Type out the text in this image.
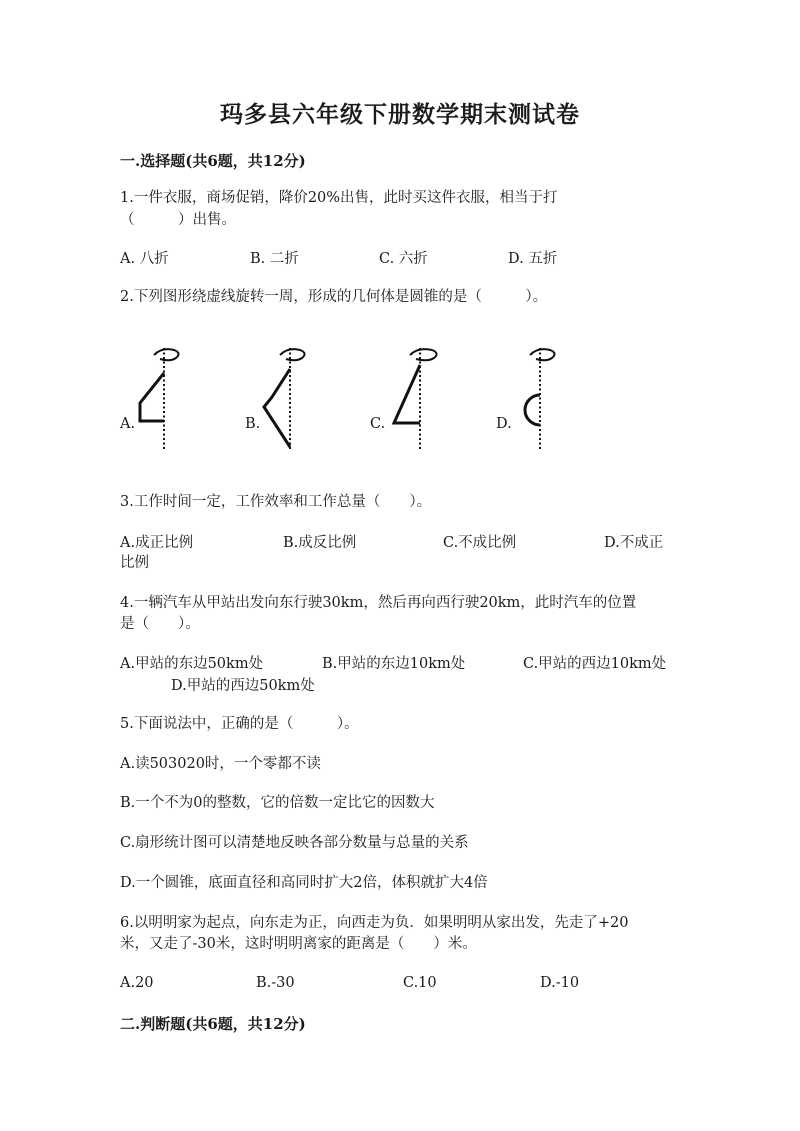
玛多县六年级下册数学期末测试卷
一.选择题(共6题，共12分)
1.一件衣服，商场促销，降价20%出售，此时买这件衣服，相当于打
（　　　）出售。
A. 八折	B. 二折	C. 六折	D. 五折
2.下列图形绕虚线旋转一周，形成的几何体是圆锥的是（　　　）。
A.	B.	C.	D.
3.工作时间一定，工作效率和工作总量（　　）。
A.成正比例	B.成反比例	C.不成比例	D.不成正
比例
4.一辆汽车从甲站出发向东行驶30km，然后再向西行驶20km，此时汽车的位置
是（　　）。
A.甲站的东边50km处	B.甲站的东边10km处	C.甲站的西边10km处
D.甲站的西边50km处
5.下面说法中，正确的是（　　　）。
A.读503020时，一个零都不读
B.一个不为0的整数，它的倍数一定比它的因数大
C.扇形统计图可以清楚地反映各部分数量与总量的关系
D.一个圆锥，底面直径和高同时扩大2倍，体积就扩大4倍
6.以明明家为起点，向东走为正，向西走为负．如果明明从家出发，先走了+20
米，又走了-30米，这时明明离家的距离是（　　）米。
A.20	B.-30	C.10	D.-10
二.判断题(共6题，共12分)
